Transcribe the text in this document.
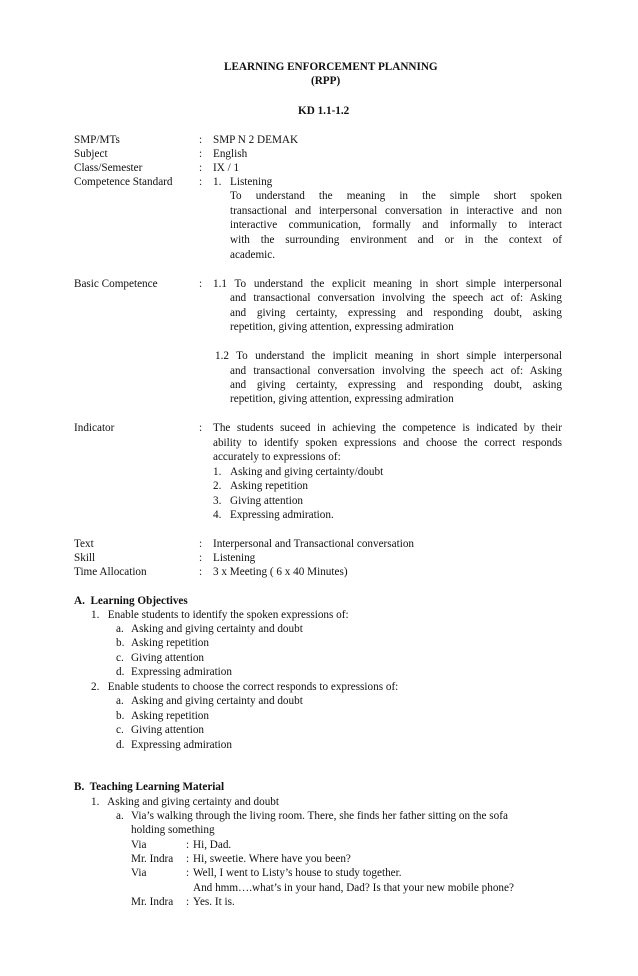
LEARNING ENFORCEMENT PLANNING
(RPP)
KD 1.1-1.2
SMP/MTs	: SMP N 2 DEMAK
Subject	: English
Class/Semester	: IX / 1
Competence Standard : 1. Listening
To understand the meaning in the simple short spoken
transactional and interpersonal conversation in interactive and non
interactive communication, formally and informally to interact
with the surrounding environment and or in the context of
academic.
Basic Competence	: 1.1 To understand the explicit meaning in short simple interpersonal
and transactional conversation involving the speech act of: Asking
and giving certainty, expressing and responding doubt, asking
repetition, giving attention, expressing admiration
1.2 To understand the implicit meaning in short simple interpersonal
and transactional conversation involving the speech act of: Asking
and giving certainty, expressing and responding doubt, asking
repetition, giving attention, expressing admiration
Indicator	: The students suceed in achieving the competence is indicated by their
ability to identify spoken expressions and choose the correct responds
accurately to expressions of:
1. Asking and giving certainty/doubt
2. Asking repetition
3. Giving attention
4. Expressing admiration.
Text	: Interpersonal and Transactional conversation
Skill	: Listening
Time Allocation	: 3 x Meeting ( 6 x 40 Minutes)
A.  Learning Objectives
1.   Enable students to identify the spoken expressions of:
a. Asking and giving certainty and doubt
b. Asking repetition
c. Giving attention
d. Expressing admiration
2.   Enable students to choose the correct responds to expressions of:
a. Asking and giving certainty and doubt
b. Asking repetition
c. Giving attention
d. Expressing admiration
B.  Teaching Learning Material
1.   Asking and giving certainty and doubt
a. Via’s walking through the living room. There, she finds her father sitting on the sofa
holding something
Via	: Hi, Dad.
Mr. Indra : Hi, sweetie. Where have you been?
Via	: Well, I went to Listy’s house to study together.
And hmm….what’s in your hand, Dad? Is that your new mobile phone?
Mr. Indra : Yes. It is.
